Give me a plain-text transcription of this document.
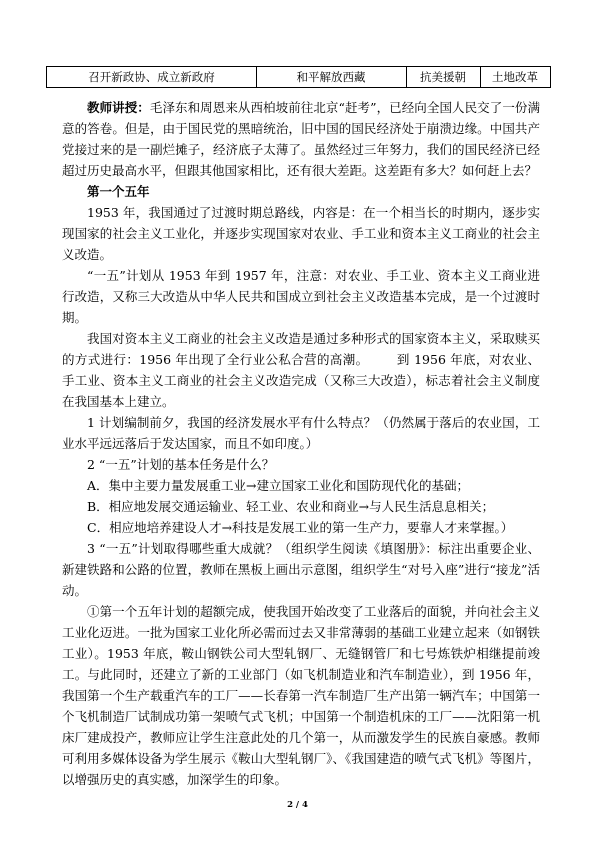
召开新政协、成立新政府	和平解放西藏	抗美援朝	土地改革

教师讲授：毛泽东和周恩来从西柏坡前往北京“赶考”，已经向全国人民交了一份满意的答卷。但是，由于国民党的黑暗统治，旧中国的国民经济处于崩溃边缘。中国共产党接过来的是一副烂摊子，经济底子太薄了。虽然经过三年努力，我们的国民经济已经超过历史最高水平，但跟其他国家相比，还有很大差距。这差距有多大？如何赶上去？

第一个五年

1953 年，我国通过了过渡时期总路线，内容是：在一个相当长的时期内，逐步实现国家的社会主义工业化，并逐步实现国家对农业、手工业和资本主义工商业的社会主义改造。

“一五”计划从 1953 年到 1957 年，注意：对农业、手工业、资本主义工商业进行改造，又称三大改造从中华人民共和国成立到社会主义改造基本完成，是一个过渡时期。

我国对资本主义工商业的社会主义改造是通过多种形式的国家资本主义，采取赎买的方式进行：1956 年出现了全行业公私合营的高潮。 到 1956 年底，对农业、手工业、资本主义工商业的社会主义改造完成（又称三大改造），标志着社会主义制度在我国基本上建立。

1 计划编制前夕，我国的经济发展水平有什么特点？（仍然属于落后的农业国，工业水平远远落后于发达国家，而且不如印度。）

2 “一五”计划的基本任务是什么？

A．集中主要力量发展重工业→建立国家工业化和国防现代化的基础；

B．相应地发展交通运输业、轻工业、农业和商业→与人民生活息息相关；

C．相应地培养建设人才→科技是发展工业的第一生产力，要靠人才来掌握。）

3 “一五”计划取得哪些重大成就？（组织学生阅读《填图册》：标注出重要企业、新建铁路和公路的位置，教师在黑板上画出示意图，组织学生“对号入座”进行“接龙”活动。

①第一个五年计划的超额完成，使我国开始改变了工业落后的面貌，并向社会主义工业化迈进。一批为国家工业化所必需而过去又非常薄弱的基础工业建立起来（如钢铁工业）。1953 年底，鞍山钢铁公司大型轧钢厂、无缝钢管厂和七号炼铁炉相继提前竣工。与此同时，还建立了新的工业部门（如飞机制造业和汽车制造业），到 1956 年，我国第一个生产载重汽车的工厂——长春第一汽车制造厂生产出第一辆汽车；中国第一个飞机制造厂试制成功第一架喷气式飞机；中国第一个制造机床的工厂——沈阳第一机床厂建成投产，教师应让学生注意此处的几个第一，从而激发学生的民族自豪感。教师可利用多媒体设备为学生展示《鞍山大型轧钢厂》、《我国建造的喷气式飞机》等图片，以增强历史的真实感，加深学生的印象。

2 / 4
